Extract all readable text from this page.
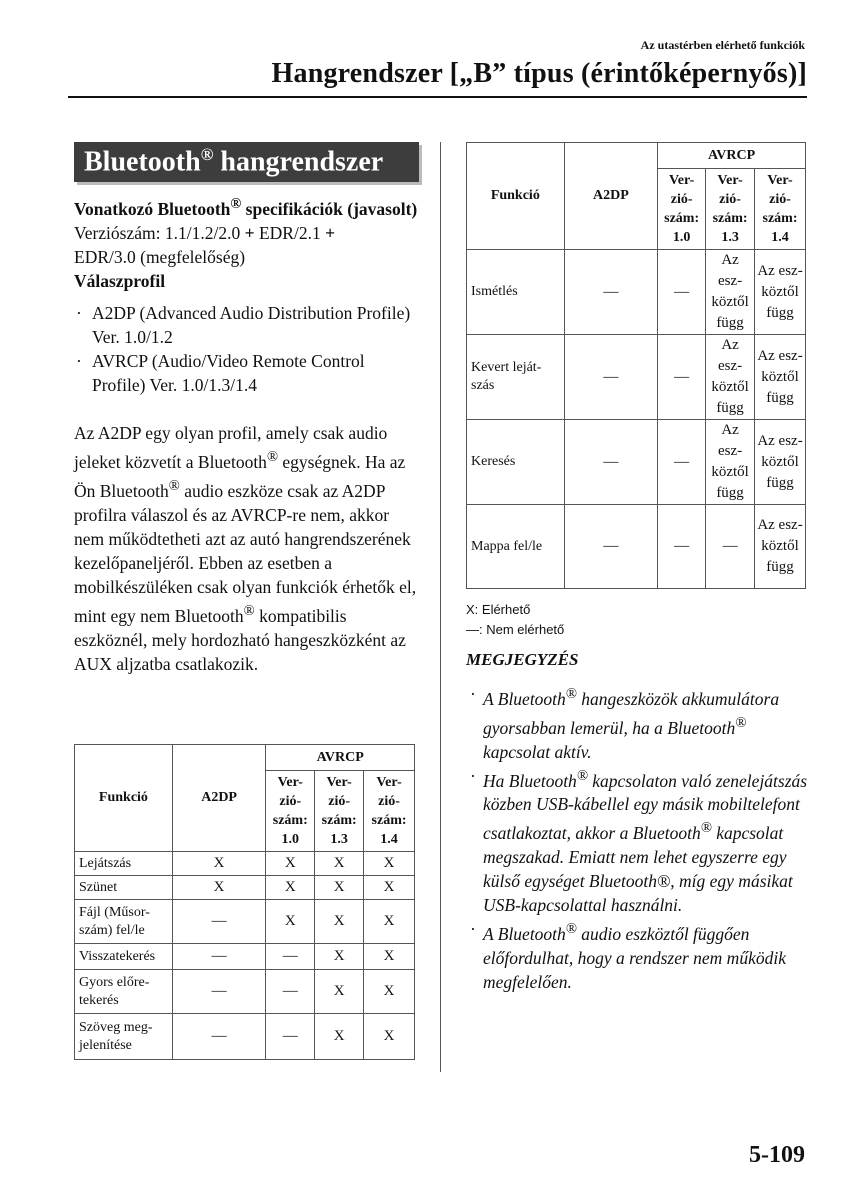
Az utastérben elérhető funkciók
Hangrendszer [„B” típus (érintőképernyős)]
Bluetooth® hangrendszer

Vonatkozó Bluetooth® specifikációk (javasolt)

Verziószám: 1.1/1.2/2.0 + EDR/2.1 +

EDR/3.0 (megfelelőség)

Válaszprofil

· A2DP (Advanced Audio Distribution Profile) Ver. 1.0/1.2
· AVRCP (Audio/Video Remote Control Profile) Ver. 1.0/1.3/1.4

Az A2DP egy olyan profil, amely csak audio jeleket közvetít a Bluetooth® egységnek. Ha az Ön Bluetooth® audio eszköze csak az A2DP profilra válaszol és az AVRCP-re nem, akkor nem működtetheti azt az autó hangrendszerének kezelőpaneljéről. Ebben az esetben a mobilkészüléken csak olyan funkciók érhetők el, mint egy nem Bluetooth® kompatibilis eszköznél, mely hordozható hangeszközként az AUX aljzatba csatlakozik.

Funkció	A2DP	AVRCP		
		Ver-
zió-
szám:
1.0	Ver-
zió-
szám:
1.3	Ver-
zió-
szám:
1.4
Lejátszás	X	X	X	X
Szünet	X	X	X	X
Fájl (Műsor-szám) fel/le	—	X	X	X
Visszatekerés	—	—	X	X
Gyors előre-tekerés	—	—	X	X
Szöveg meg-jelenítése	—	—	X	X
Funkció	A2DP	AVRCP		
		Ver-
zió-
szám:
1.0	Ver-
zió-
szám:
1.3	Ver-
zió-
szám:
1.4
Ismétlés	—	—	Az esz-köztől függ	Az esz-köztől függ
Kevert leját-szás	—	—	Az esz-köztől függ	Az esz-köztől függ
Keresés	—	—	Az esz-köztől függ	Az esz-köztől függ
Mappa fel/le	—	—	—	Az esz-köztől függ
X: Elérhető
—: Nem elérhető
MEGJEGYZÉS
· A Bluetooth® hangeszközök akkumulátora gyorsabban lemerül, ha a Bluetooth® kapcsolat aktív.
· Ha Bluetooth® kapcsolaton való zenelejátszás közben USB-kábellel egy másik mobiltelefont csatlakoztat, akkor a Bluetooth® kapcsolat megszakad. Emiatt nem lehet egyszerre egy külső egységet Bluetooth®, míg egy másikat USB-kapcsolattal használni.
· A Bluetooth® audio eszköztől függően előfordulhat, hogy a rendszer nem működik megfelelően.
5-109
